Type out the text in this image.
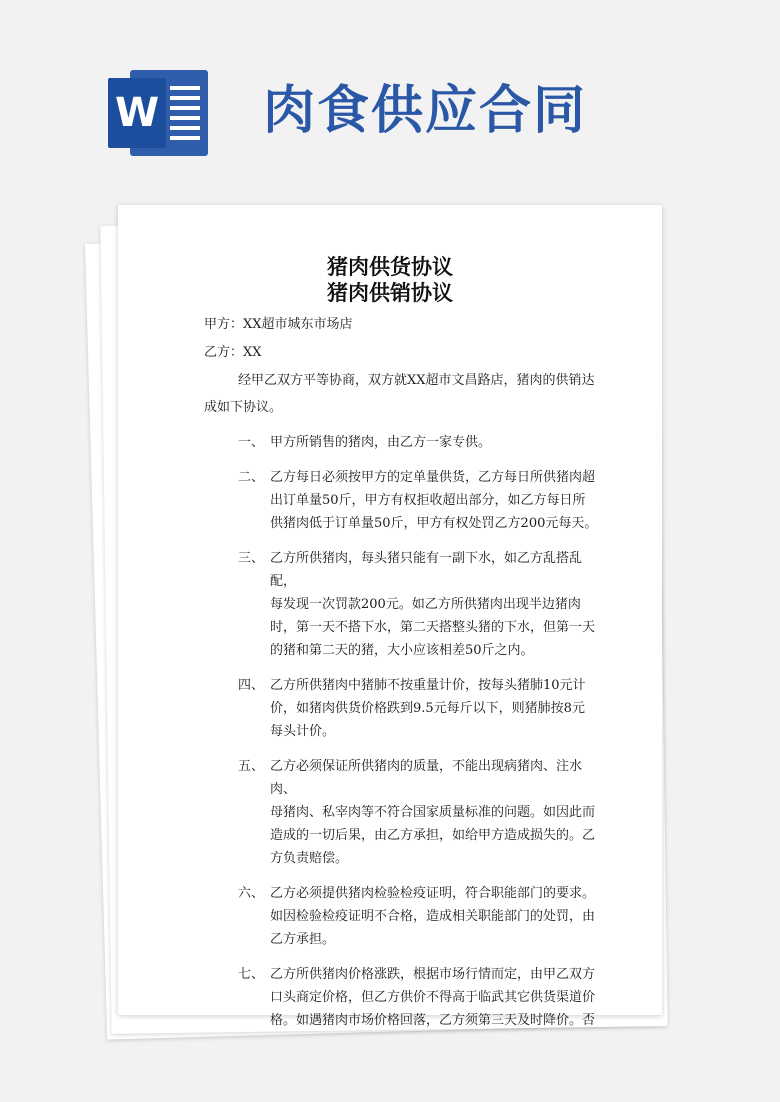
W 肉食供应合同
猪肉供货协议
猪肉供销协议
甲方：XX超市城东市场店
乙方：XX
经甲乙双方平等协商，双方就XX超市文昌路店，猪肉的供销达
成如下协议。
一、 甲方所销售的猪肉，由乙方一家专供。
二、 乙方每日必须按甲方的定单量供货，乙方每日所供猪肉超
出订单量50斤，甲方有权拒收超出部分，如乙方每日所
供猪肉低于订单量50斤，甲方有权处罚乙方200元每天。
三、 乙方所供猪肉，每头猪只能有一副下水，如乙方乱搭乱配，
每发现一次罚款200元。如乙方所供猪肉出现半边猪肉
时，第一天不搭下水，第二天搭整头猪的下水，但第一天
的猪和第二天的猪，大小应该相差50斤之内。
四、 乙方所供猪肉中猪肺不按重量计价，按每头猪肺10元计
价，如猪肉供货价格跌到9.5元每斤以下，则猪肺按8元
每头计价。
五、 乙方必须保证所供猪肉的质量，不能出现病猪肉、注水肉、
母猪肉、私宰肉等不符合国家质量标准的问题。如因此而
造成的一切后果，由乙方承担，如给甲方造成损失的。乙
方负责赔偿。
六、 乙方必须提供猪肉检验检疫证明，符合职能部门的要求。
如因检验检疫证明不合格，造成相关职能部门的处罚，由
乙方承担。
七、 乙方所供猪肉价格涨跌，根据市场行情而定，由甲乙双方
口头商定价格，但乙方供价不得高于临武其它供货渠道价
格。如遇猪肉市场价格回落，乙方须第三天及时降价。否
